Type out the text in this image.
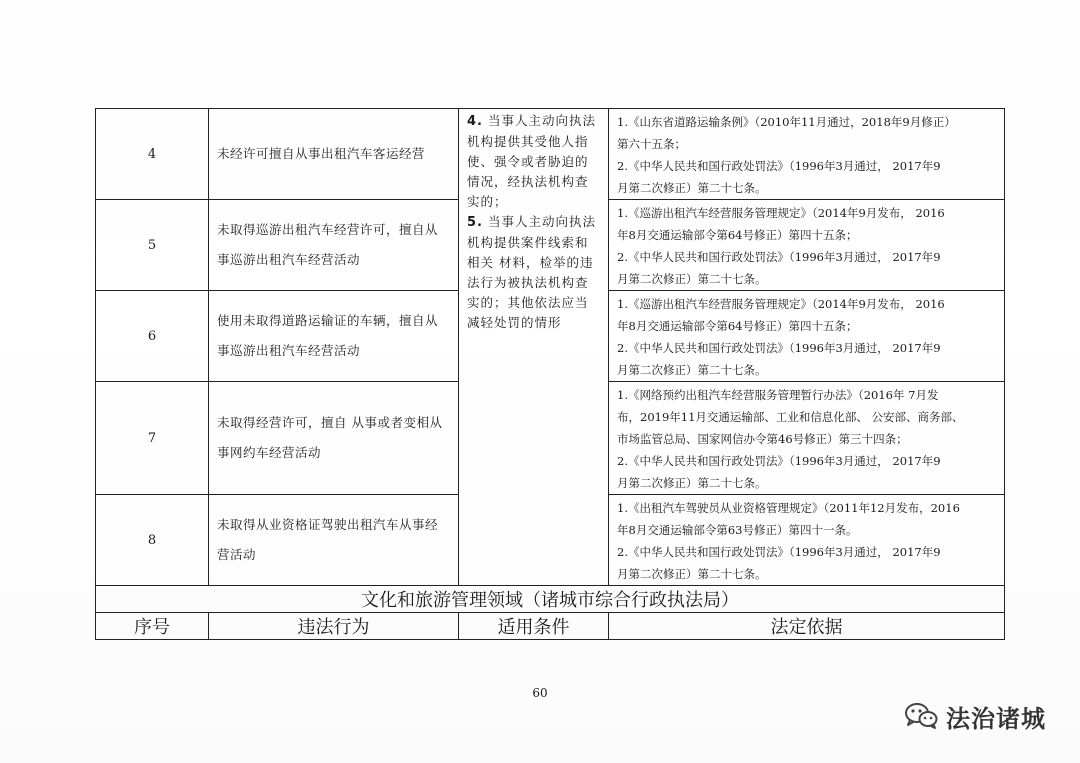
4	未经许可擅自从事出租汽车客运经营	4. 当事人主动向执法机构提供其受他人指使、强令或者胁迫的情况，经执法机构查实的；
5. 当事人主动向执法机构提供案件线索和相关 材料，检举的违法行为被执法机构查实的；其他依法应当减轻处罚的情形	1.《山东省道路运输条例》（2010年11月通过，2018年9月修正）
第六十五条；
2.《中华人民共和国行政处罚法》（1996年3月通过， 2017年9
月第二次修正）第二十七条。

5	未取得巡游出租汽车经营许可，擅自从事巡游出租汽车经营活动		1.《巡游出租汽车经营服务管理规定》（2014年9月发布， 2016
年8月交通运输部令第64号修正）第四十五条；
2.《中华人民共和国行政处罚法》（1996年3月通过， 2017年9
月第二次修正）第二十七条。

6	使用未取得道路运输证的车辆，擅自从事巡游出租汽车经营活动		1.《巡游出租汽车经营服务管理规定》（2014年9月发布， 2016
年8月交通运输部令第64号修正）第四十五条；
2.《中华人民共和国行政处罚法》（1996年3月通过， 2017年9
月第二次修正）第二十七条。

7	未取得经营许可，擅自 从事或者变相从事网约车经营活动		1.《网络预约出租汽车经营服务管理暂行办法》（2016年 7月发
布，2019年11月交通运输部、工业和信息化部、 公安部、商务部、
市场监管总局、国家网信办令第46号修正）第三十四条；
2.《中华人民共和国行政处罚法》（1996年3月通过， 2017年9
月第二次修正）第二十七条。

8	未取得从业资格证驾驶出租汽车从事经营活动		1.《出租汽车驾驶员从业资格管理规定》（2011年12月发布，2016
年8月交通运输部令第63号修正）第四十一条。
2.《中华人民共和国行政处罚法》（1996年3月通过， 2017年9
月第二次修正）第二十七条。

文化和旅游管理领域（诸城市综合行政执法局）			
序号	违法行为	适用条件	法定依据
60
法治诸城
